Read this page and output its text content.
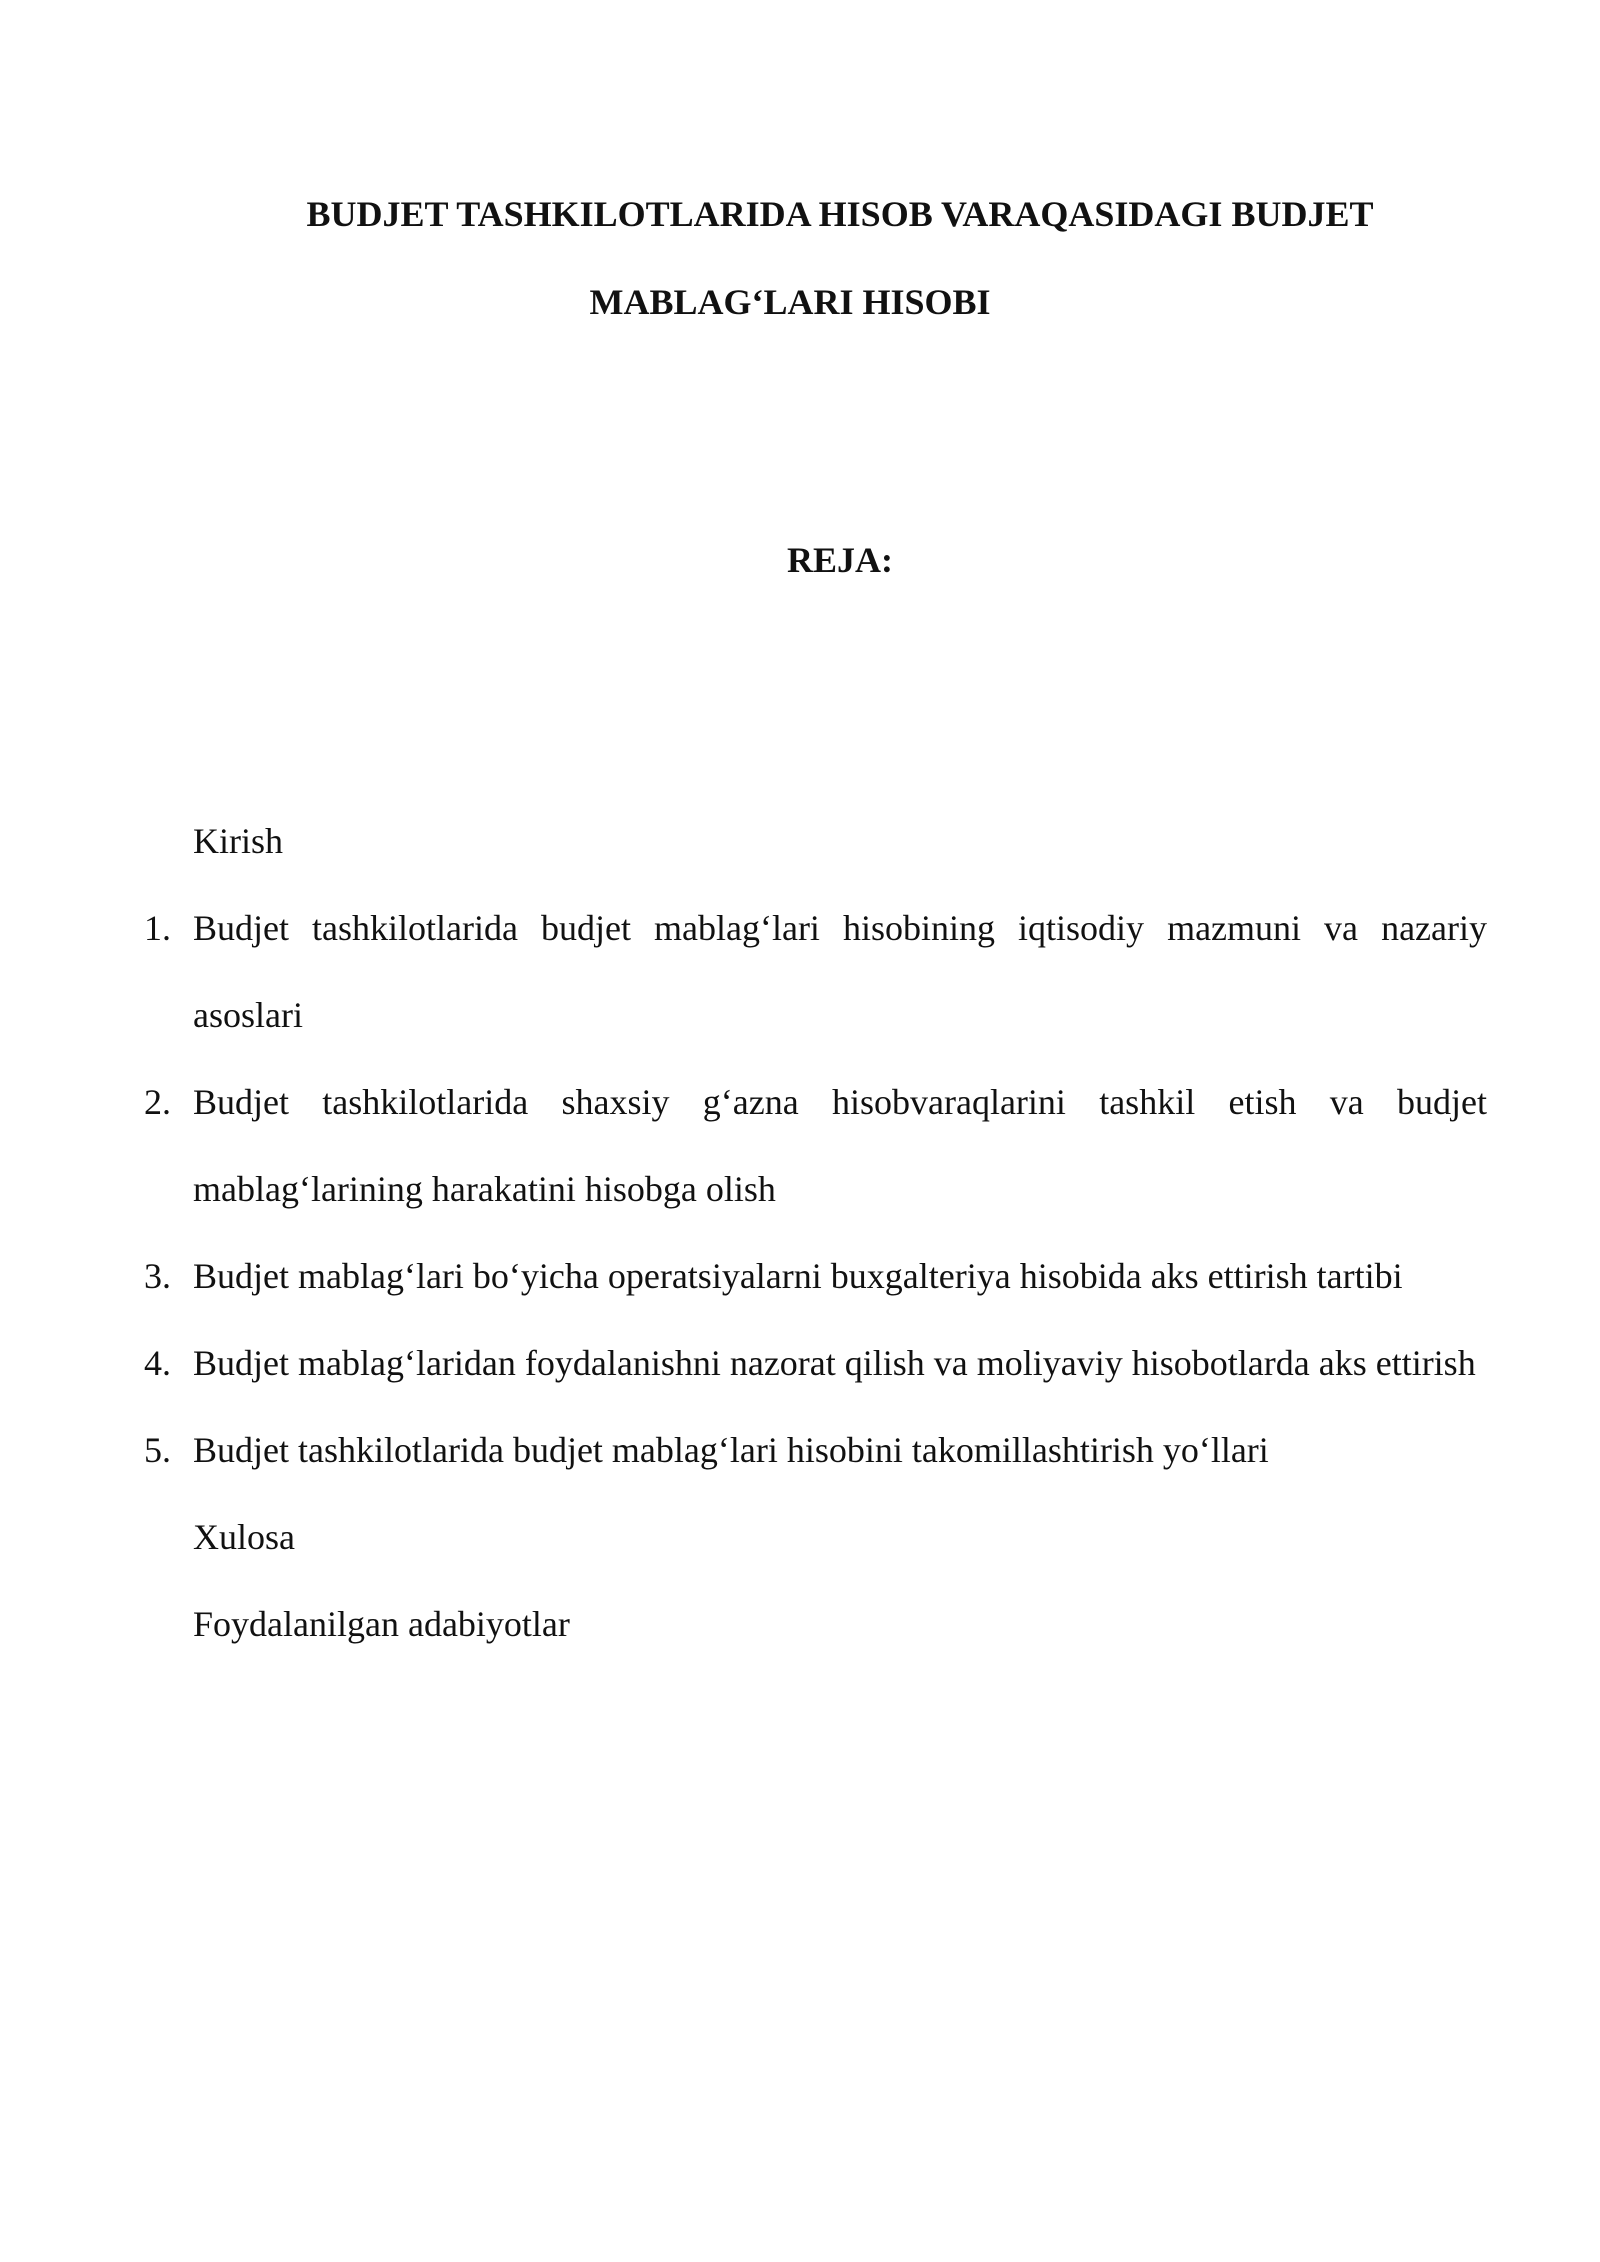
BUDJET TASHKILOTLARIDA HISOB VARAQASIDAGI BUDJET
MABLAG‘LARI HISOBI
REJA:
Kirish
1. Budjet tashkilotlarida budjet mablag‘lari hisobining iqtisodiy mazmuni va nazariy asoslari
2. Budjet tashkilotlarida shaxsiy g‘azna hisobvaraqlarini tashkil etish va budjet mablag‘larining harakatini hisobga olish
3. Budjet mablag‘lari bo‘yicha operatsiyalarni buxgalteriya hisobida aks ettirish tartibi
4. Budjet mablag‘laridan foydalanishni nazorat qilish va moliyaviy hisobotlarda aks ettirish
5. Budjet tashkilotlarida budjet mablag‘lari hisobini takomillashtirish yo‘llari
Xulosa
Foydalanilgan adabiyotlar
